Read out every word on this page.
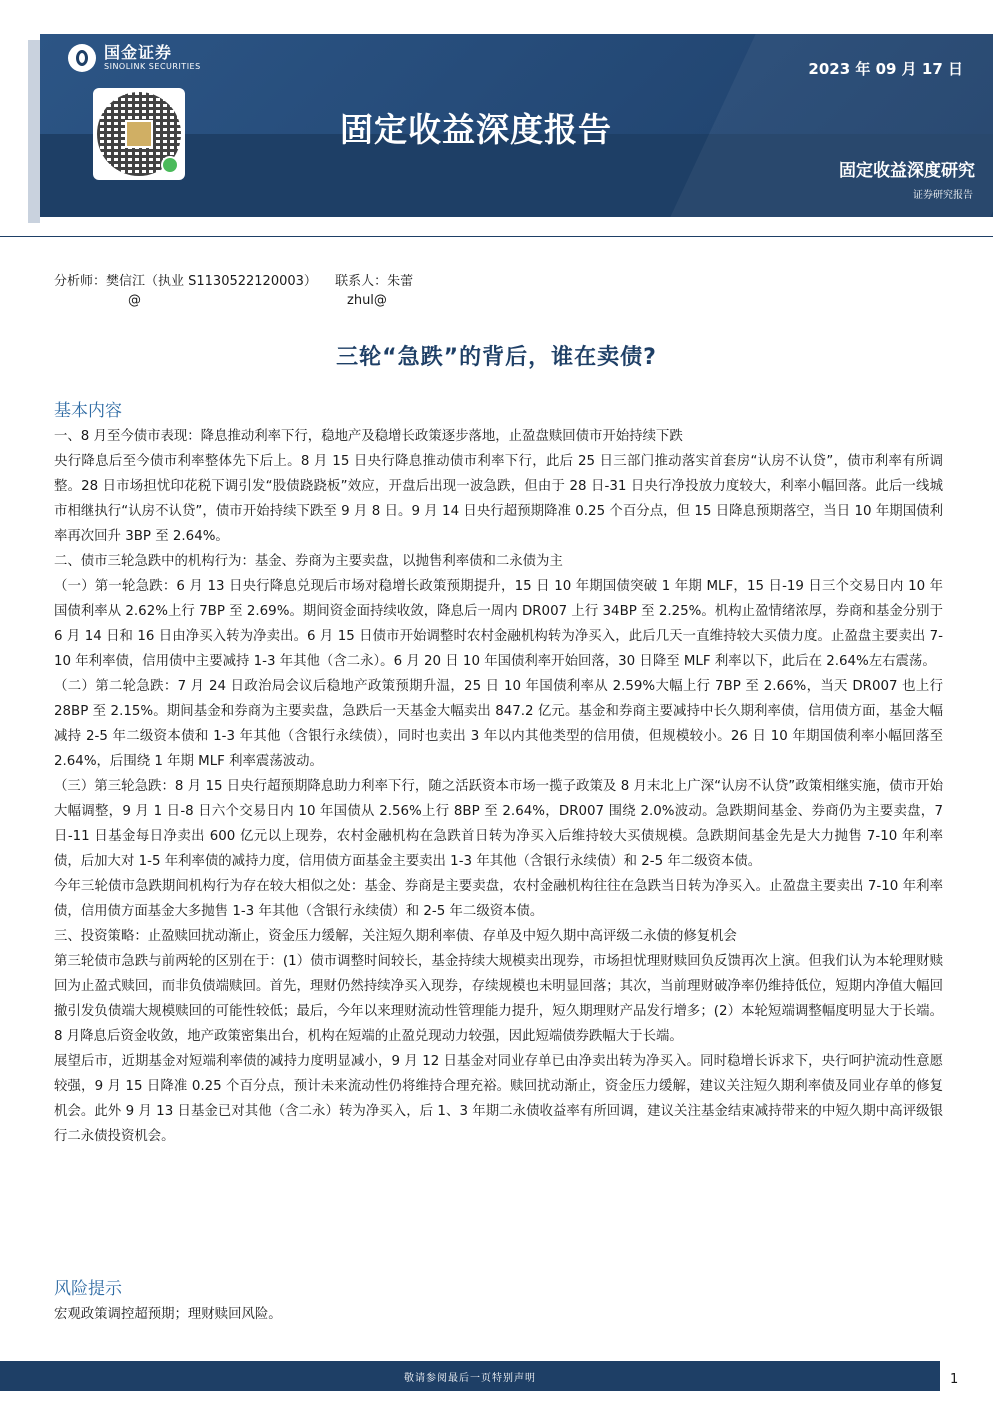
国金证券
SINOLINK SECURITIES	2023 年 09 月 17 日
固定收益深度报告
固定收益深度研究
证券研究报告
分析师：樊信江（执业 S1130522120003） 联系人：朱蕾
@	zhul@
三轮“急跌”的背后，谁在卖债?
基本内容

一、8 月至今债市表现：降息推动利率下行，稳地产及稳增长政策逐步落地，止盈盘赎回债市开始持续下跌

央行降息后至今债市利率整体先下后上。8 月 15 日央行降息推动债市利率下行，此后 25 日三部门推动落实首套房“认房不认贷”，债市利率有所调整。28 日市场担忧印花税下调引发“股债跷跷板”效应，开盘后出现一波急跌，但由于 28 日-31 日央行净投放力度较大，利率小幅回落。此后一线城市相继执行“认房不认贷”，债市开始持续下跌至 9 月 8 日。9 月 14 日央行超预期降准 0.25 个百分点，但 15 日降息预期落空，当日 10 年期国债利率再次回升 3BP 至 2.64%。

二、债市三轮急跌中的机构行为：基金、券商为主要卖盘，以抛售利率债和二永债为主

（一）第一轮急跌：6 月 13 日央行降息兑现后市场对稳增长政策预期提升，15 日 10 年期国债突破 1 年期 MLF，15 日-19 日三个交易日内 10 年国债利率从 2.62%上行 7BP 至 2.69%。期间资金面持续收敛，降息后一周内 DR007 上行 34BP 至 2.25%。机构止盈情绪浓厚，券商和基金分别于 6 月 14 日和 16 日由净买入转为净卖出。6 月 15 日债市开始调整时农村金融机构转为净买入，此后几天一直维持较大买债力度。止盈盘主要卖出 7-10 年利率债，信用债中主要减持 1-3 年其他（含二永）。6 月 20 日 10 年国债利率开始回落，30 日降至 MLF 利率以下，此后在 2.64%左右震荡。

（二）第二轮急跌：7 月 24 日政治局会议后稳地产政策预期升温，25 日 10 年国债利率从 2.59%大幅上行 7BP 至 2.66%，当天 DR007 也上行 28BP 至 2.15%。期间基金和券商为主要卖盘，急跌后一天基金大幅卖出 847.2 亿元。基金和券商主要减持中长久期利率债，信用债方面，基金大幅减持 2-5 年二级资本债和 1-3 年其他（含银行永续债），同时也卖出 3 年以内其他类型的信用债，但规模较小。26 日 10 年期国债利率小幅回落至 2.64%，后围绕 1 年期 MLF 利率震荡波动。

（三）第三轮急跌：8 月 15 日央行超预期降息助力利率下行，随之活跃资本市场一揽子政策及 8 月末北上广深“认房不认贷”政策相继实施，债市开始大幅调整，9 月 1 日-8 日六个交易日内 10 年国债从 2.56%上行 8BP 至 2.64%，DR007 围绕 2.0%波动。急跌期间基金、券商仍为主要卖盘，7 日-11 日基金每日净卖出 600 亿元以上现券，农村金融机构在急跌首日转为净买入后维持较大买债规模。急跌期间基金先是大力抛售 7-10 年利率债，后加大对 1-5 年利率债的减持力度，信用债方面基金主要卖出 1-3 年其他（含银行永续债）和 2-5 年二级资本债。

今年三轮债市急跌期间机构行为存在较大相似之处：基金、券商是主要卖盘，农村金融机构往往在急跌当日转为净买入。止盈盘主要卖出 7-10 年利率债，信用债方面基金大多抛售 1-3 年其他（含银行永续债）和 2-5 年二级资本债。

三、投资策略：止盈赎回扰动渐止，资金压力缓解，关注短久期利率债、存单及中短久期中高评级二永债的修复机会

第三轮债市急跌与前两轮的区别在于：(1）债市调整时间较长，基金持续大规模卖出现券，市场担忧理财赎回负反馈再次上演。但我们认为本轮理财赎回为止盈式赎回，而非负债端赎回。首先，理财仍然持续净买入现券，存续规模也未明显回落；其次，当前理财破净率仍维持低位，短期内净值大幅回撤引发负债端大规模赎回的可能性较低；最后，今年以来理财流动性管理能力提升，短久期理财产品发行增多；(2）本轮短端调整幅度明显大于长端。8 月降息后资金收敛，地产政策密集出台，机构在短端的止盈兑现动力较强，因此短端债券跌幅大于长端。

展望后市，近期基金对短端利率债的减持力度明显减小，9 月 12 日基金对同业存单已由净卖出转为净买入。同时稳增长诉求下，央行呵护流动性意愿较强，9 月 15 日降准 0.25 个百分点，预计未来流动性仍将维持合理充裕。赎回扰动渐止，资金压力缓解，建议关注短久期利率债及同业存单的修复机会。此外 9 月 13 日基金已对其他（含二永）转为净买入，后 1、3 年期二永债收益率有所回调，建议关注基金结束减持带来的中短久期中高评级银行二永债投资机会。

风险提示

宏观政策调控超预期；理财赎回风险。

敬请参阅最后一页特别声明	1
